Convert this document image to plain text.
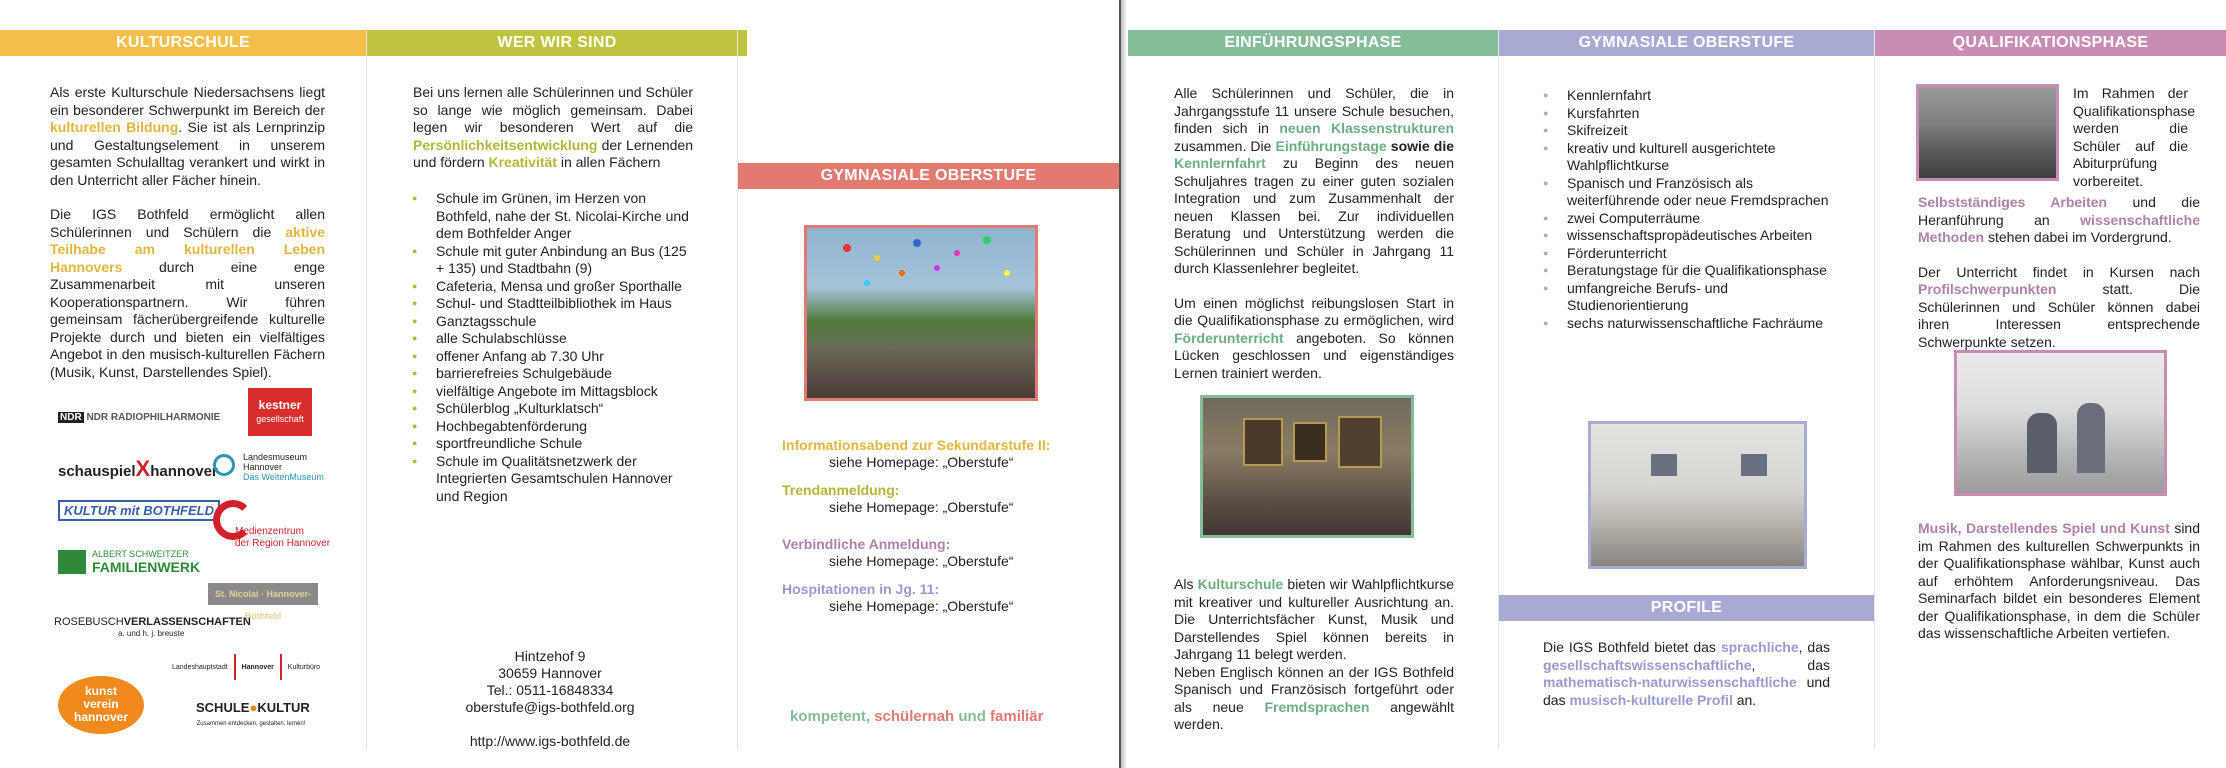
KULTURSCHULE	WER WIR SIND
GYMNASIALE OBERSTUFE

Als erste Kulturschule Niedersachsens liegt ein besonderer Schwerpunkt im Bereich der kulturellen Bildung. Sie ist als Lernprinzip und Gestaltungselement in unserem gesamten Schulalltag verankert und wirkt in den Unterricht aller Fächer hinein.

Die IGS Bothfeld ermöglicht allen Schülerinnen und Schülern die aktive Teilhabe am kulturellen Leben Hannovers durch eine enge Zusammenarbeit mit unseren Kooperationspartnern. Wir führen gemeinsam fächerübergreifende kulturelle Projekte durch und bieten ein vielfältiges Angebot in den musisch-kulturellen Fächern (Musik, Kunst, Darstellendes Spiel).

NDR NDR RADIOPHILHARMONIE
kestner
gesellschaft
schauspielXhannover
Landesmuseum
Hannover
Das WeltenMuseum
KULTUR mit BOTHFELD
Medienzentrum
der Region Hannover
ALBERT SCHWEITZER
FAMILIENWERK
St. Nicolai · Hannover-Bothfeld
ROSEBUSCHVERLASSENSCHAFTEN
a. und h. j. breuste
Landeshauptstadt Hannover Kulturbüro
kunst
verein
hannover
SCHULE●KULTUR
Zusammen entdecken, gestalten, lernen!
Bei uns lernen alle Schülerinnen und Schüler so lange wie möglich gemeinsam. Dabei legen wir besonderen Wert auf die Persönlichkeitsentwicklung der Lernenden und fördern Kreativität in allen Fächern
● Schule im Grünen, im Herzen von Bothfeld, nahe der St. Nicolai-Kirche und dem Bothfelder Anger
● Schule mit guter Anbindung an Bus (125 + 135) und Stadtbahn (9)
● Cafeteria, Mensa und großer Sporthalle
● Schul- und Stadtteilbibliothek im Haus
● Ganztagsschule
● alle Schulabschlüsse
● offener Anfang ab 7.30 Uhr
● barrierefreies Schulgebäude
● vielfältige Angebote im Mittagsblock
● Schülerblog „Kulturklatsch“
● Hochbegabtenförderung
● sportfreundliche Schule
● Schule im Qualitätsnetzwerk der Integrierten Gesamtschulen Hannover und Region
Hintzehof 9
30659 Hannover
Tel.: 0511-16848334
oberstufe@igs-bothfeld.org
http://www.igs-bothfeld.de
Informationsabend zur Sekundarstufe II:
siehe Homepage: „Oberstufe“
Trendanmeldung:
siehe Homepage: „Oberstufe“
Verbindliche Anmeldung:
siehe Homepage: „Oberstufe“
Hospitationen in Jg. 11:
siehe Homepage: „Oberstufe“
kompetent, schülernah und familiär
EINFÜHRUNGSPHASE	GYMNASIALE OBERSTUFE	QUALIFIKATIONSPHASE

Alle Schülerinnen und Schüler, die in Jahrgangsstufe 11 unsere Schule besuchen, finden sich in neuen Klassenstrukturen zusammen. Die Einführungstage sowie die Kennlernfahrt zu Beginn des neuen Schuljahres tragen zu einer guten sozialen Integration und zum Zusammenhalt der neuen Klassen bei. Zur individuellen Beratung und Unterstützung werden die Schülerinnen und Schüler in Jahrgang 11 durch Klassenlehrer begleitet.

Um einen möglichst reibungslosen Start in die Qualifikationsphase zu ermöglichen, wird Förderunterricht angeboten. So können Lücken geschlossen und eigenständiges Lernen trainiert werden.

Als Kulturschule bieten wir Wahlpflichtkurse mit kreativer und kultureller Ausrichtung an. Die Unterrichtsfächer Kunst, Musik und Darstellendes Spiel können bereits in Jahrgang 11 belegt werden.

Neben Englisch können an der IGS Bothfeld Spanisch und Französisch fortgeführt oder als neue Fremdsprachen angewählt werden.

● Kennlernfahrt
● Kursfahrten
● Skifreizeit
● kreativ und kulturell ausgerichtete Wahlpflichtkurse
● Spanisch und Französisch als weiterführende oder neue Fremdsprachen
● zwei Computerräume
● wissenschaftspropädeutisches Arbeiten
● Förderunterricht
● Beratungstage für die Qualifikationsphase
● umfangreiche Berufs- und Studienorientierung
● sechs naturwissenschaftliche Fachräume
PROFILE
Die IGS Bothfeld bietet das sprachliche, das gesellschaftswissenschaftliche, das mathematisch-naturwissenschaftliche und das musisch-kulturelle Profil an.
Im Rahmen der Qualifikationsphase werden die Schüler auf die Abiturprüfung vorbereitet.

Selbstständiges Arbeiten und die Heranführung an wissenschaftliche Methoden stehen dabei im Vordergrund.

Der Unterricht findet in Kursen nach Profilschwerpunkten statt. Die Schülerinnen und Schüler können dabei ihren Interessen entsprechende Schwerpunkte setzen.

Musik, Darstellendes Spiel und Kunst sind im Rahmen des kulturellen Schwerpunkts in der Qualifikationsphase wählbar, Kunst auch auf erhöhtem Anforderungsniveau. Das Seminarfach bildet ein besonderes Element der Qualifikationsphase, in dem die Schüler das wissenschaftliche Arbeiten vertiefen.
